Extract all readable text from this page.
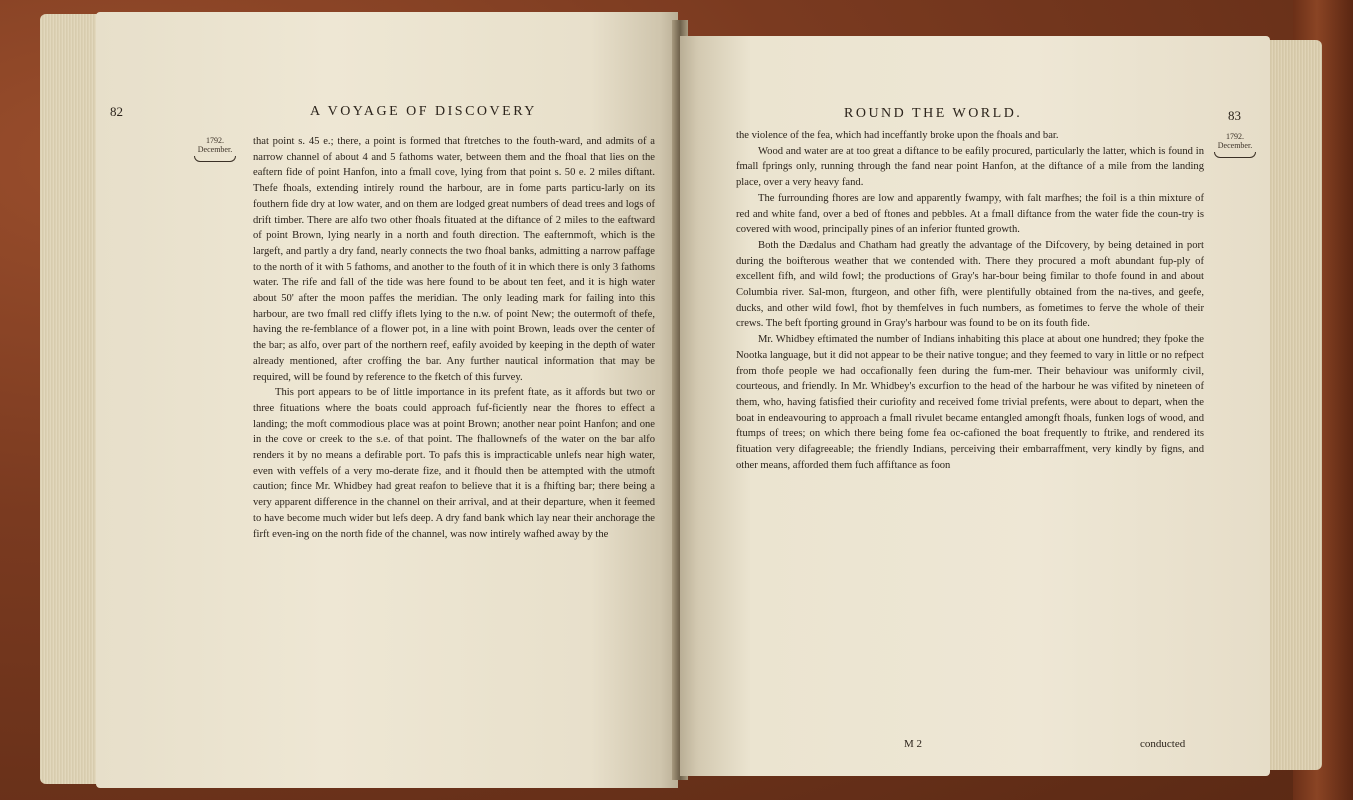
82	A VOYAGE OF DISCOVERY
1792.
December.

that point s. 45 e.; there, a point is formed that ftretches to the fouth-ward, and admits of a narrow channel of about 4 and 5 fathoms water, between them and the fhoal that lies on the eaftern fide of point Hanfon, into a fmall cove, lying from that point s. 50 e. 2 miles diftant. Thefe fhoals, extending intirely round the harbour, are in fome parts particu-larly on its fouthern fide dry at low water, and on them are lodged great numbers of dead trees and logs of drift timber. There are alfo two other fhoals fituated at the diftance of 2 miles to the eaftward of point Brown, lying nearly in a north and fouth direction. The eafternmoft, which is the largeft, and partly a dry fand, nearly connects the two fhoal banks, admitting a narrow paffage to the north of it with 5 fathoms, and another to the fouth of it in which there is only 3 fathoms water. The rife and fall of the tide was here found to be about ten feet, and it is high water about 50' after the moon paffes the meridian. The only leading mark for failing into this harbour, are two fmall red cliffy iflets lying to the n.w. of point New; the outermoft of thefe, having the re-femblance of a flower pot, in a line with point Brown, leads over the center of the bar; as alfo, over part of the northern reef, eafily avoided by keeping in the depth of water already mentioned, after croffing the bar. Any further nautical information that may be required, will be found by reference to the fketch of this furvey.

This port appears to be of little importance in its prefent ftate, as it affords but two or three fituations where the boats could approach fuf-ficiently near the fhores to effect a landing; the moft commodious place was at point Brown; another near point Hanfon; and one in the cove or creek to the s.e. of that point. The fhallownefs of the water on the bar alfo renders it by no means a defirable port. To pafs this is impracticable unlefs near high water, even with veffels of a very mo-derate fize, and it fhould then be attempted with the utmoft caution; fince Mr. Whidbey had great reafon to believe that it is a fhifting bar; there being a very apparent difference in the channel on their arrival, and at their departure, when it feemed to have become much wider but lefs deep. A dry fand bank which lay near their anchorage the firft even-ing on the north fide of the channel, was now intirely wafhed away by the

ROUND THE WORLD.	83
1792.
December.

the violence of the fea, which had inceffantly broke upon the fhoals and bar.

Wood and water are at too great a diftance to be eafily procured, particularly the latter, which is found in fmall fprings only, running through the fand near point Hanfon, at the diftance of a mile from the landing place, over a very heavy fand.

The furrounding fhores are low and apparently fwampy, with falt marfhes; the foil is a thin mixture of red and white fand, over a bed of ftones and pebbles. At a fmall diftance from the water fide the coun-try is covered with wood, principally pines of an inferior ftunted growth.

Both the Dædalus and Chatham had greatly the advantage of the Difcovery, by being detained in port during the boifterous weather that we contended with. There they procured a moft abundant fup-ply of excellent fifh, and wild fowl; the productions of Gray's har-bour being fimilar to thofe found in and about Columbia river. Sal-mon, fturgeon, and other fifh, were plentifully obtained from the na-tives, and geefe, ducks, and other wild fowl, fhot by themfelves in fuch numbers, as fometimes to ferve the whole of their crews. The beft fporting ground in Gray's harbour was found to be on its fouth fide.

Mr. Whidbey eftimated the number of Indians inhabiting this place at about one hundred; they fpoke the Nootka language, but it did not appear to be their native tongue; and they feemed to vary in little or no refpect from thofe people we had occafionally feen during the fum-mer. Their behaviour was uniformly civil, courteous, and friendly. In Mr. Whidbey's excurfion to the head of the harbour he was vifited by nineteen of them, who, having fatisfied their curiofity and received fome trivial prefents, were about to depart, when the boat in endeavouring to approach a fmall rivulet became entangled amongft fhoals, funken logs of wood, and ftumps of trees; on which there being fome fea oc-cafioned the boat frequently to ftrike, and rendered its fituation very difagreeable; the friendly Indians, perceiving their embarraffment, very kindly by figns, and other means, afforded them fuch affiftance as foon

M 2	conducted
